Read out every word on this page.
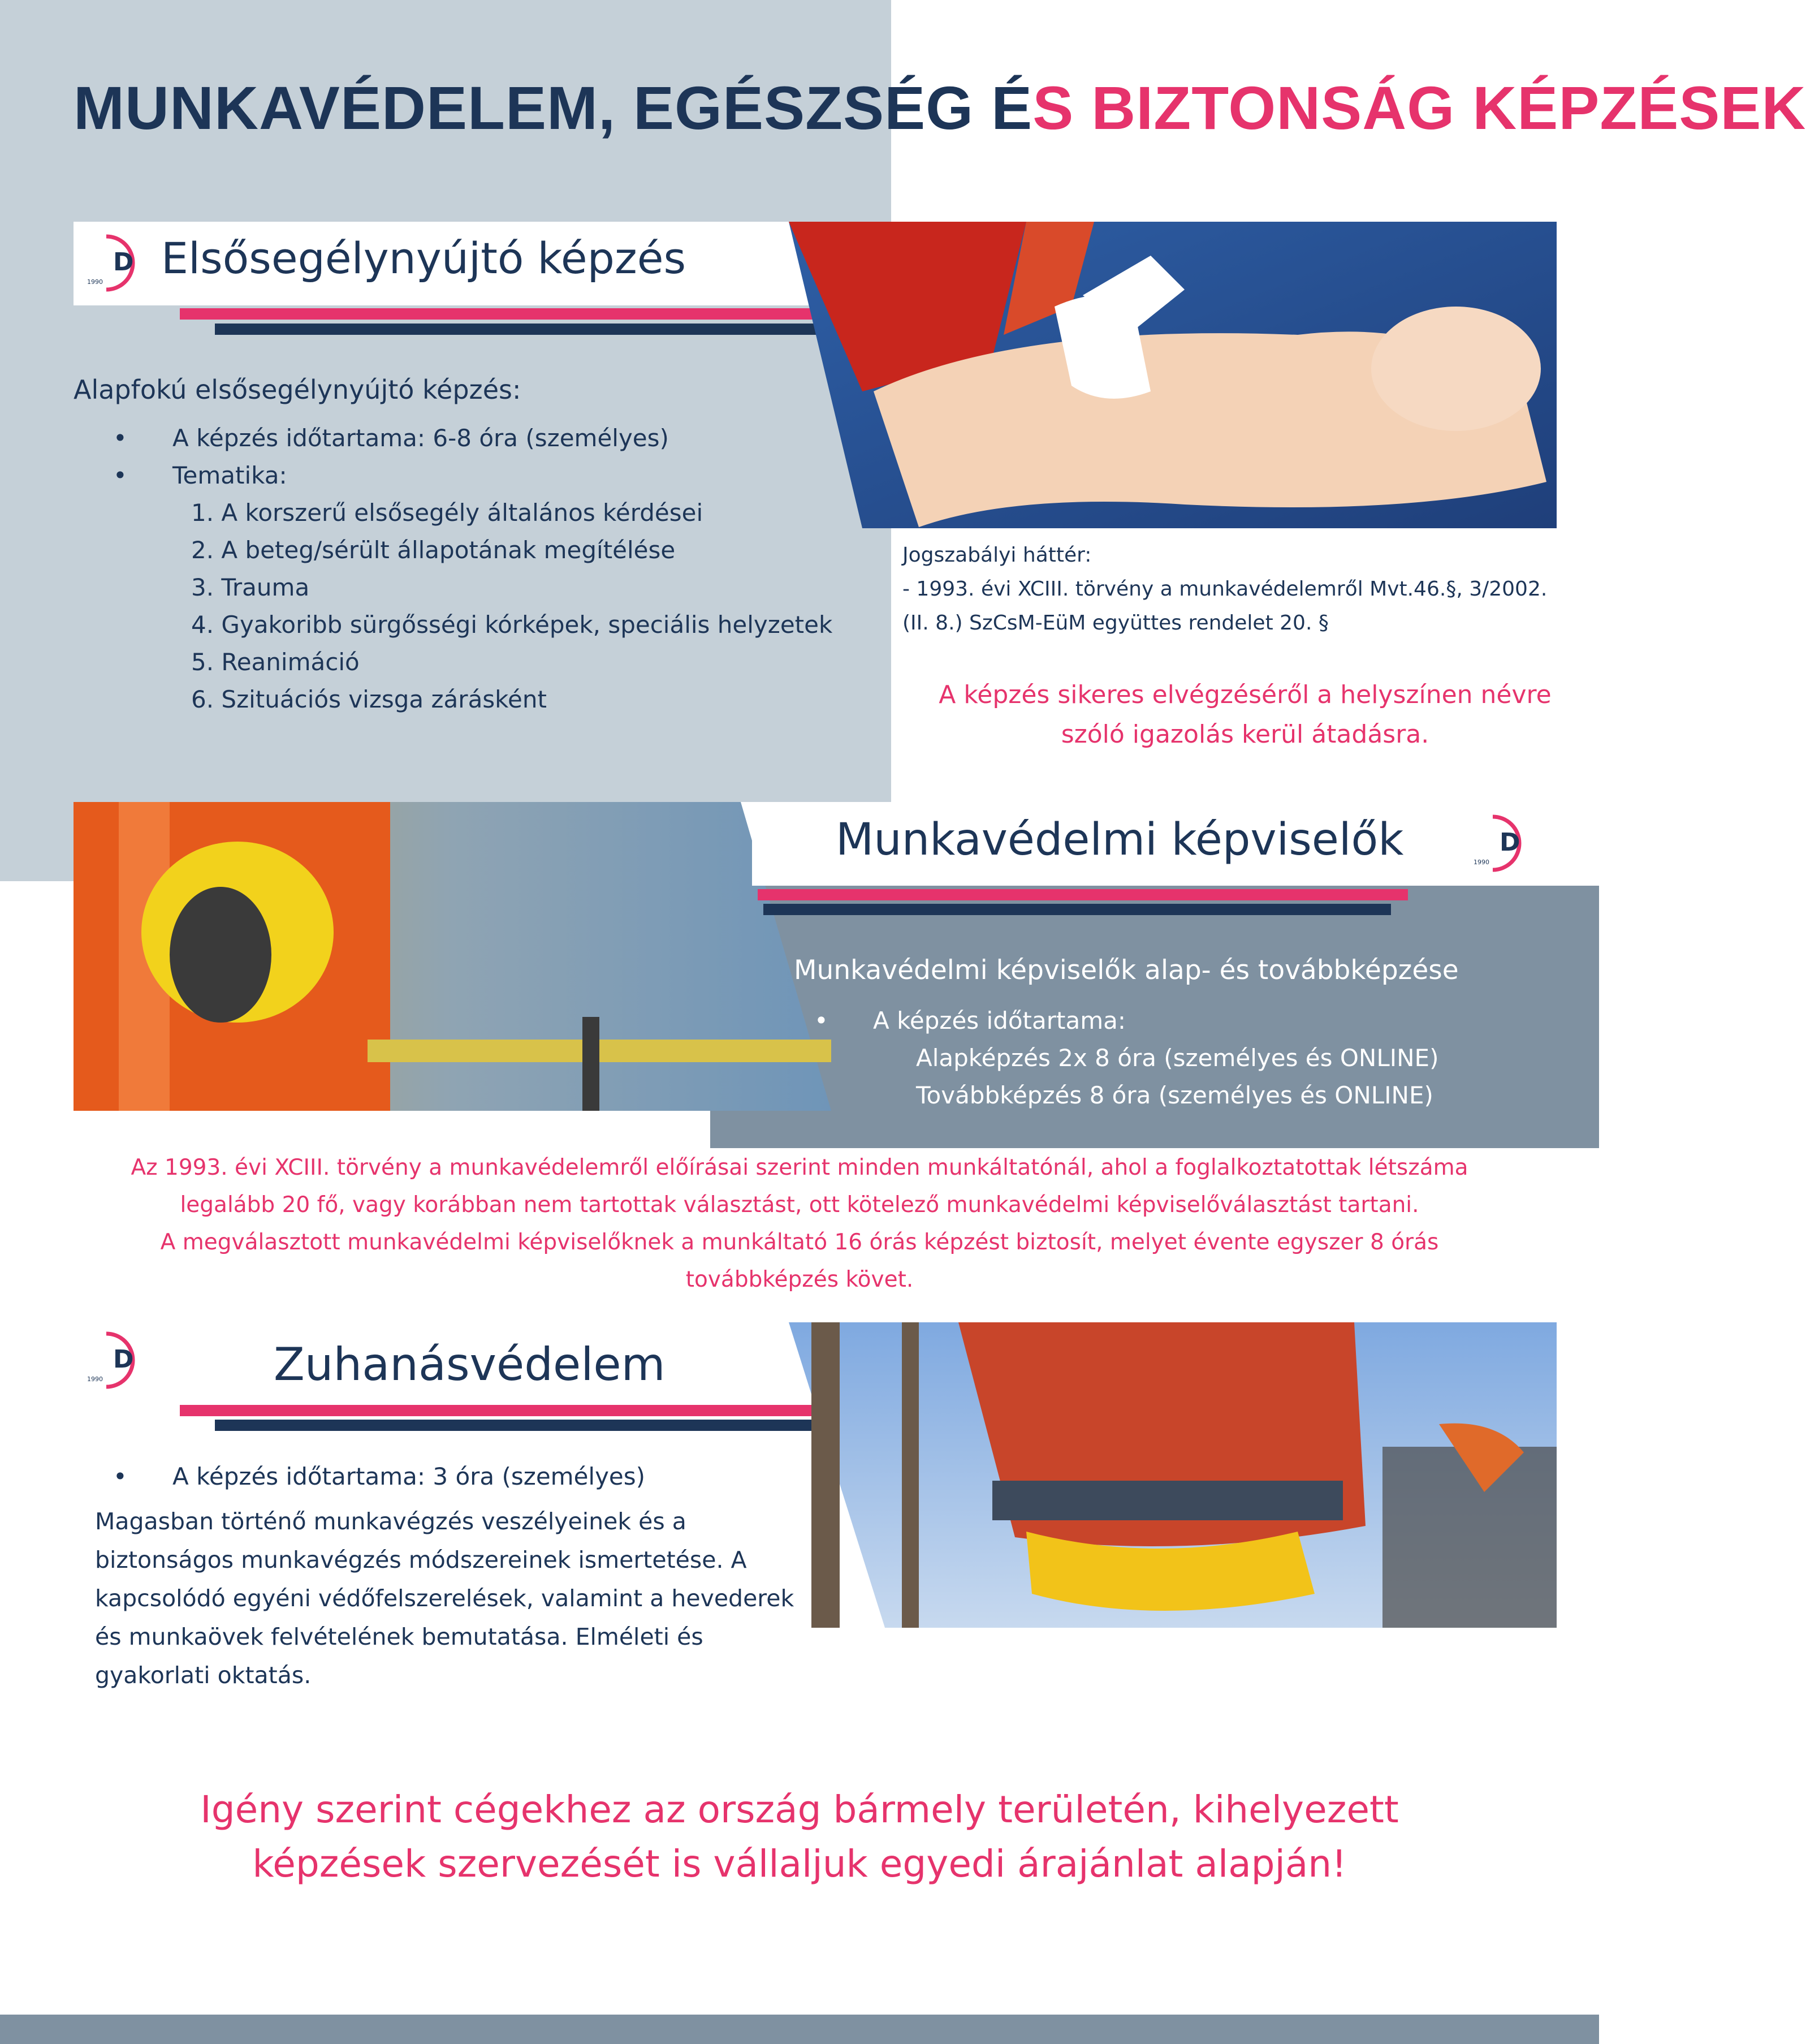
MUNKAVÉDELEM, EGÉSZSÉG ÉS BIZTONSÁG KÉPZÉSEK
D
1990 Elsősegélynyújtó képzés
Alapfokú elsősegélynyújtó képzés:
• A képzés időtartama: 6-8 óra (személyes)
• Tematika:
1. A korszerű elsősegély általános kérdései
2. A beteg/sérült állapotának megítélése
3. Trauma
4. Gyakoribb sürgősségi kórképek, speciális helyzetek
5. Reanimáció
6. Szituációs vizsga zárásként
Jogszabályi háttér:
- 1993. évi XCIII. törvény a munkavédelemről Mvt.46.§, 3/2002.
(II. 8.) SzCsM-EüM együttes rendelet 20. §
A képzés sikeres elvégzéséről a helyszínen névre
szóló igazolás kerül átadásra.
Munkavédelmi képviselők	D
1990
Munkavédelmi képviselők alap- és továbbképzése
• A képzés időtartama:
Alapképzés 2x 8 óra (személyes és ONLINE)
Továbbképzés 8 óra (személyes és ONLINE)
Az 1993. évi XCIII. törvény a munkavédelemről előírásai szerint minden munkáltatónál, ahol a foglalkoztatottak létszáma
legalább 20 fő, vagy korábban nem tartottak választást, ott kötelező munkavédelmi képviselőválasztást tartani.
A megválasztott munkavédelmi képviselőknek a munkáltató 16 órás képzést biztosít, melyet évente egyszer 8 órás
továbbképzés követ.
D
1990	Zuhanásvédelem
• A képzés időtartama: 3 óra (személyes)
Magasban történő munkavégzés veszélyeinek és a
biztonságos munkavégzés módszereinek ismertetése. A
kapcsolódó egyéni védőfelszerelések, valamint a hevederek
és munkaövek felvételének bemutatása. Elméleti és
gyakorlati oktatás.
Igény szerint cégekhez az ország bármely területén, kihelyezett
képzések szervezését is vállaljuk egyedi árajánlat alapján!
